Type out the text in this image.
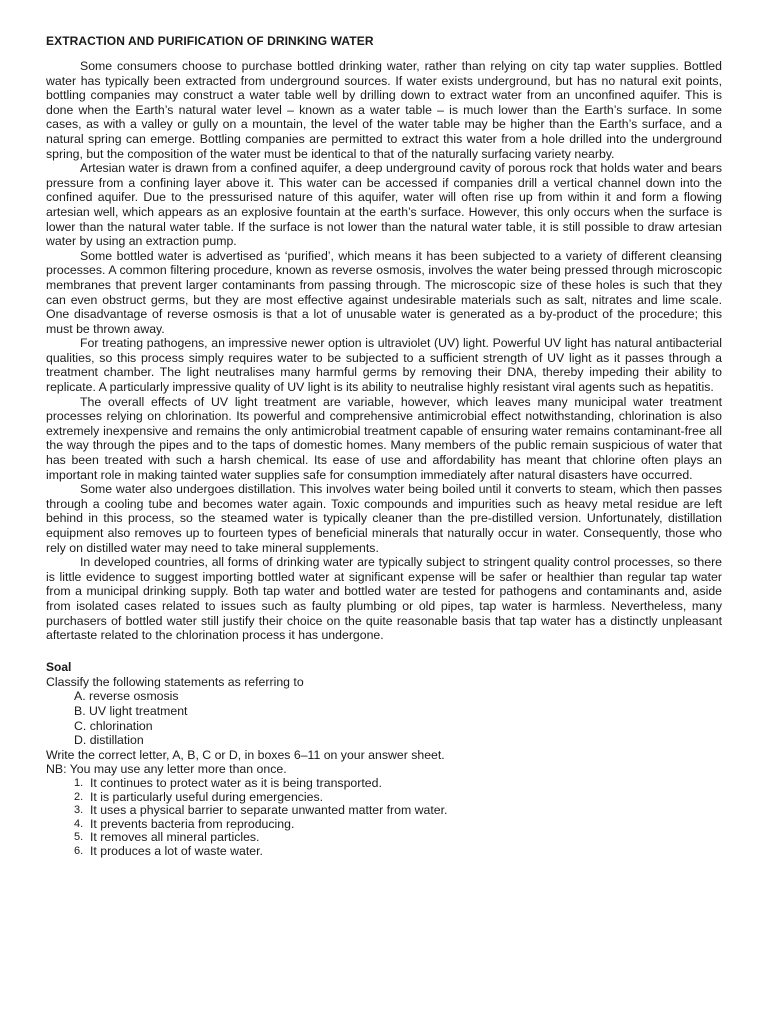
EXTRACTION AND PURIFICATION OF DRINKING WATER

Some consumers choose to purchase bottled drinking water, rather than relying on city tap water supplies. Bottled water has typically been extracted from underground sources. If water exists underground, but has no natural exit points, bottling companies may construct a water table well by drilling down to extract water from an unconfined aquifer. This is done when the Earth’s natural water level – known as a water table – is much lower than the Earth’s surface. In some cases, as with a valley or gully on a mountain, the level of the water table may be higher than the Earth’s surface, and a natural spring can emerge. Bottling companies are permitted to extract this water from a hole drilled into the underground spring, but the composition of the water must be identical to that of the naturally surfacing variety nearby.

Artesian water is drawn from a confined aquifer, a deep underground cavity of porous rock that holds water and bears pressure from a confining layer above it. This water can be accessed if companies drill a vertical channel down into the confined aquifer. Due to the pressurised nature of this aquifer, water will often rise up from within it and form a flowing artesian well, which appears as an explosive fountain at the earth’s surface. However, this only occurs when the surface is lower than the natural water table. If the surface is not lower than the natural water table, it is still possible to draw artesian water by using an extraction pump.

Some bottled water is advertised as ‘purified’, which means it has been subjected to a variety of different cleansing processes. A common filtering procedure, known as reverse osmosis, involves the water being pressed through microscopic membranes that prevent larger contaminants from passing through. The microscopic size of these holes is such that they can even obstruct germs, but they are most effective against undesirable materials such as salt, nitrates and lime scale. One disadvantage of reverse osmosis is that a lot of unusable water is generated as a by-product of the procedure; this must be thrown away.

For treating pathogens, an impressive newer option is ultraviolet (UV) light. Powerful UV light has natural antibacterial qualities, so this process simply requires water to be subjected to a sufficient strength of UV light as it passes through a treatment chamber. The light neutralises many harmful germs by removing their DNA, thereby impeding their ability to replicate. A particularly impressive quality of UV light is its ability to neutralise highly resistant viral agents such as hepatitis.

The overall effects of UV light treatment are variable, however, which leaves many municipal water treatment processes relying on chlorination. Its powerful and comprehensive antimicrobial effect notwithstanding, chlorination is also extremely inexpensive and remains the only antimicrobial treatment capable of ensuring water remains contaminant-free all the way through the pipes and to the taps of domestic homes. Many members of the public remain suspicious of water that has been treated with such a harsh chemical. Its ease of use and affordability has meant that chlorine often plays an important role in making tainted water supplies safe for consumption immediately after natural disasters have occurred.

Some water also undergoes distillation. This involves water being boiled until it converts to steam, which then passes through a cooling tube and becomes water again. Toxic compounds and impurities such as heavy metal residue are left behind in this process, so the steamed water is typically cleaner than the pre-distilled version. Unfortunately, distillation equipment also removes up to fourteen types of beneficial minerals that naturally occur in water. Consequently, those who rely on distilled water may need to take mineral supplements.

In developed countries, all forms of drinking water are typically subject to stringent quality control processes, so there is little evidence to suggest importing bottled water at significant expense will be safer or healthier than regular tap water from a municipal drinking supply. Both tap water and bottled water are tested for pathogens and contaminants and, aside from isolated cases related to issues such as faulty plumbing or old pipes, tap water is harmless. Nevertheless, many purchasers of bottled water still justify their choice on the quite reasonable basis that tap water has a distinctly unpleasant aftertaste related to the chlorination process it has undergone.

Soal
Classify the following statements as referring to
A. reverse osmosis
B. UV light treatment
C. chlorination
D. distillation
Write the correct letter, A, B, C or D, in boxes 6–11 on your answer sheet.
NB: You may use any letter more than once.
1. It continues to protect water as it is being transported.
2. It is particularly useful during emergencies.
3. It uses a physical barrier to separate unwanted matter from water.
4. It prevents bacteria from reproducing.
5. It removes all mineral particles.
6. It produces a lot of waste water.
